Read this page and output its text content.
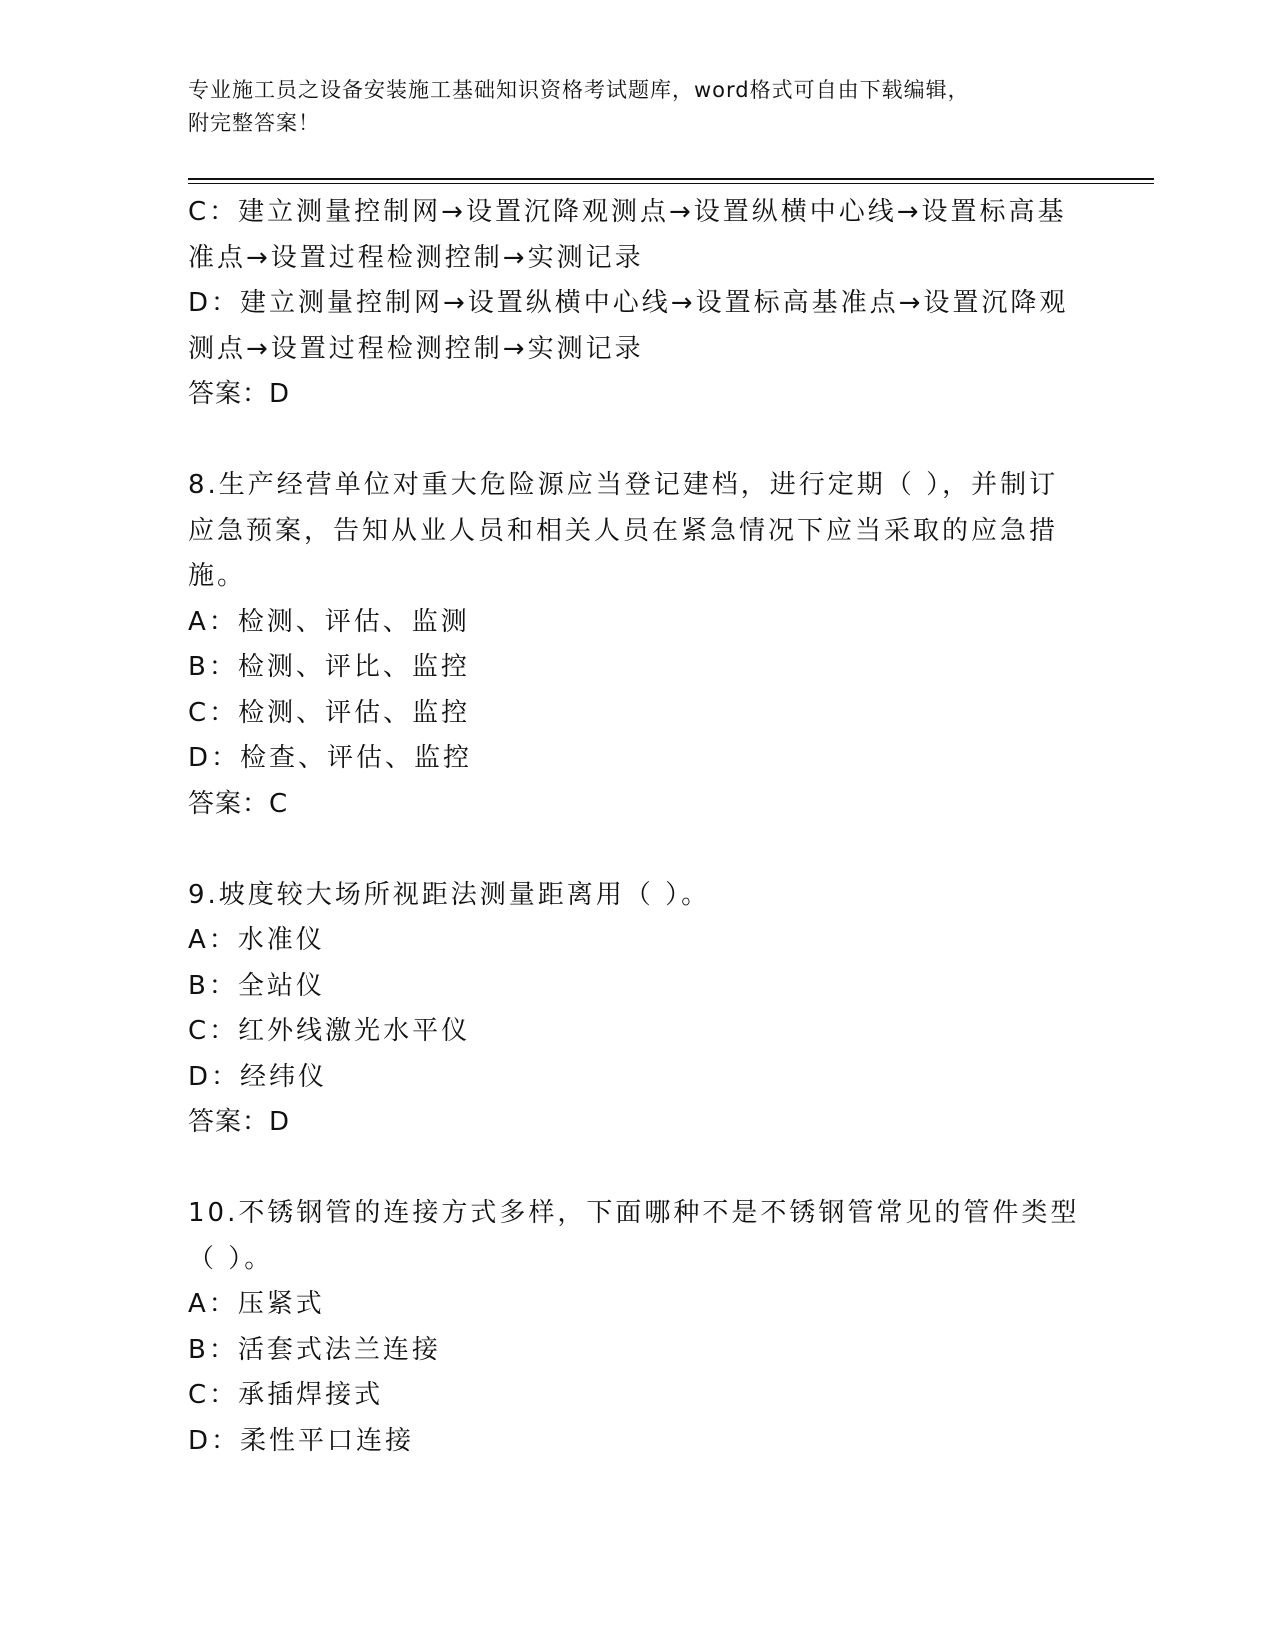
专业施工员之设备安装施工基础知识资格考试题库，word格式可自由下载编辑，
附完整答案！
C：建立测量控制网→设置沉降观测点→设置纵横中心线→设置标高基
准点→设置过程检测控制→实测记录
D：建立测量控制网→设置纵横中心线→设置标高基准点→设置沉降观
测点→设置过程检测控制→实测记录
答案：D
8.生产经营单位对重大危险源应当登记建档，进行定期（ ），并制订
应急预案，告知从业人员和相关人员在紧急情况下应当采取的应急措
施。
A：检测、评估、监测
B：检测、评比、监控
C：检测、评估、监控
D：检查、评估、监控
答案：C
9.坡度较大场所视距法测量距离用（ ）。
A：水准仪
B：全站仪
C：红外线激光水平仪
D：经纬仪
答案：D
10.不锈钢管的连接方式多样，下面哪种不是不锈钢管常见的管件类型
（ ）。
A：压紧式
B：活套式法兰连接
C：承插焊接式
D：柔性平口连接
